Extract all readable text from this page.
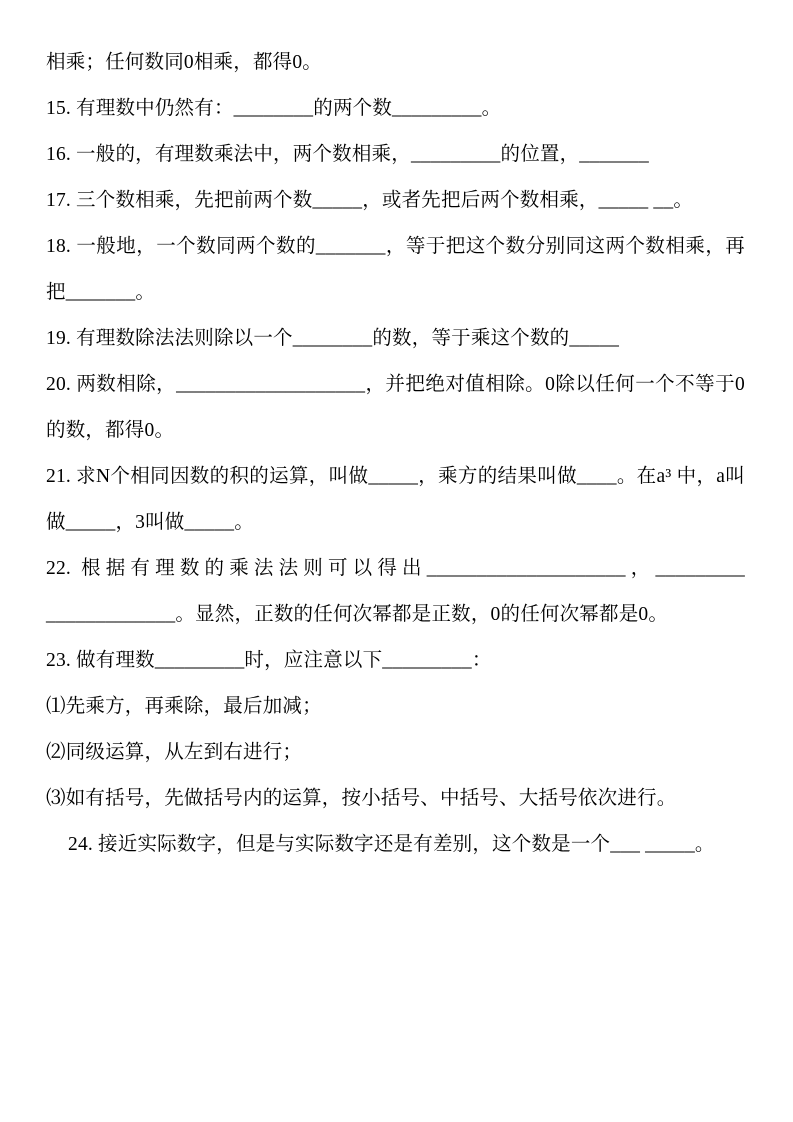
相乘；任何数同0相乘，都得0。

15. 有理数中仍然有：________的两个数_________。

16. 一般的，有理数乘法中，两个数相乘，_________的位置，_______

17. 三个数相乘，先把前两个数_____，或者先把后两个数相乘，_____ __。

18. 一般地，一个数同两个数的_______，等于把这个数分别同这两个数相乘，再把_______。

19. 有理数除法法则除以一个________的数，等于乘这个数的_____

20. 两数相除，___________________，并把绝对值相除。0除以任何一个不等于0的数，都得0。

21. 求N个相同因数的积的运算，叫做_____，乘方的结果叫做____。在a³ 中，a叫做_____，3叫做_____。

22. 根据有理数的乘法法则可以得出____________________，_________ _____________。显然，正数的任何次幂都是正数，0的任何次幂都是0。

23. 做有理数_________时，应注意以下_________：

⑴先乘方，再乘除，最后加减；

⑵同级运算，从左到右进行；

⑶如有括号，先做括号内的运算，按小括号、中括号、大括号依次进行。

24. 接近实际数字，但是与实际数字还是有差别，这个数是一个___ _____。
